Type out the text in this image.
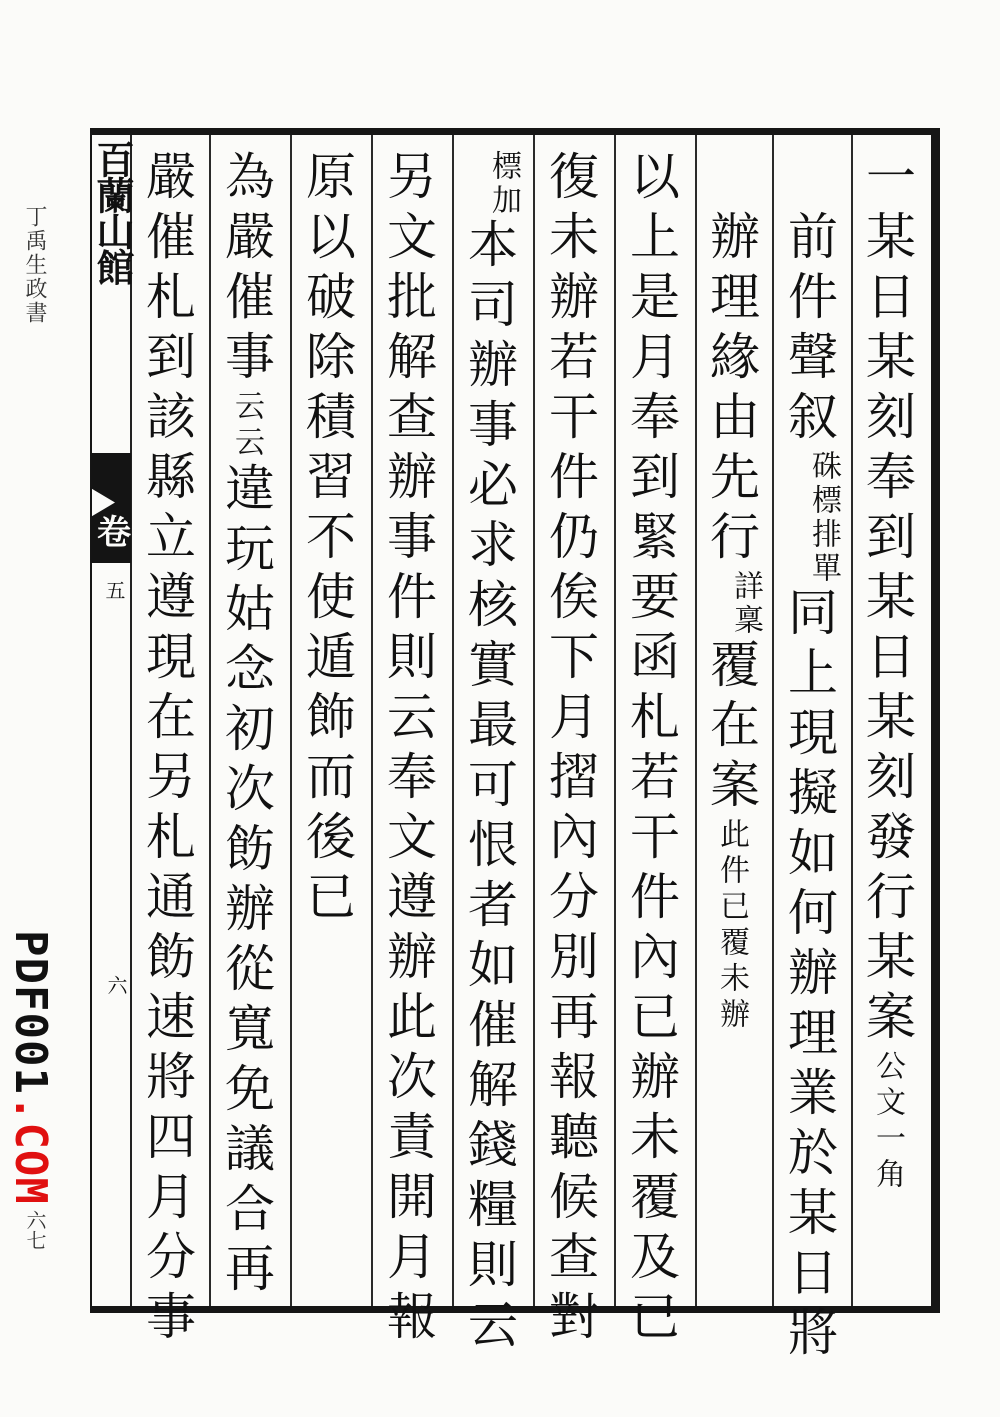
丁禹生政書
一六七
PDF001.COM
百蘭山館
卷
五
六	一某日某刻奉到某日某刻發行某案公文一角
前件聲叙
排單
硃標
同上現擬如何辦理業於某日將
辦理緣由先行
稟
詳
覆在案此件已覆未辦
以上是月奉到緊要函札若干件內已辦未覆及已
復未辦若干件仍俟下月摺內分別再報聽候查對
加
標
本司辦事必求核實最可恨者如催解錢糧則云
另文批解查辦事件則云奉文遵辦此次責開月報
原以破除積習不使遁飾而後已
為嚴催事云云違玩姑念初次飭辦從寬免議合再
嚴催札到該縣立遵現在另札通飭速將四月分事
